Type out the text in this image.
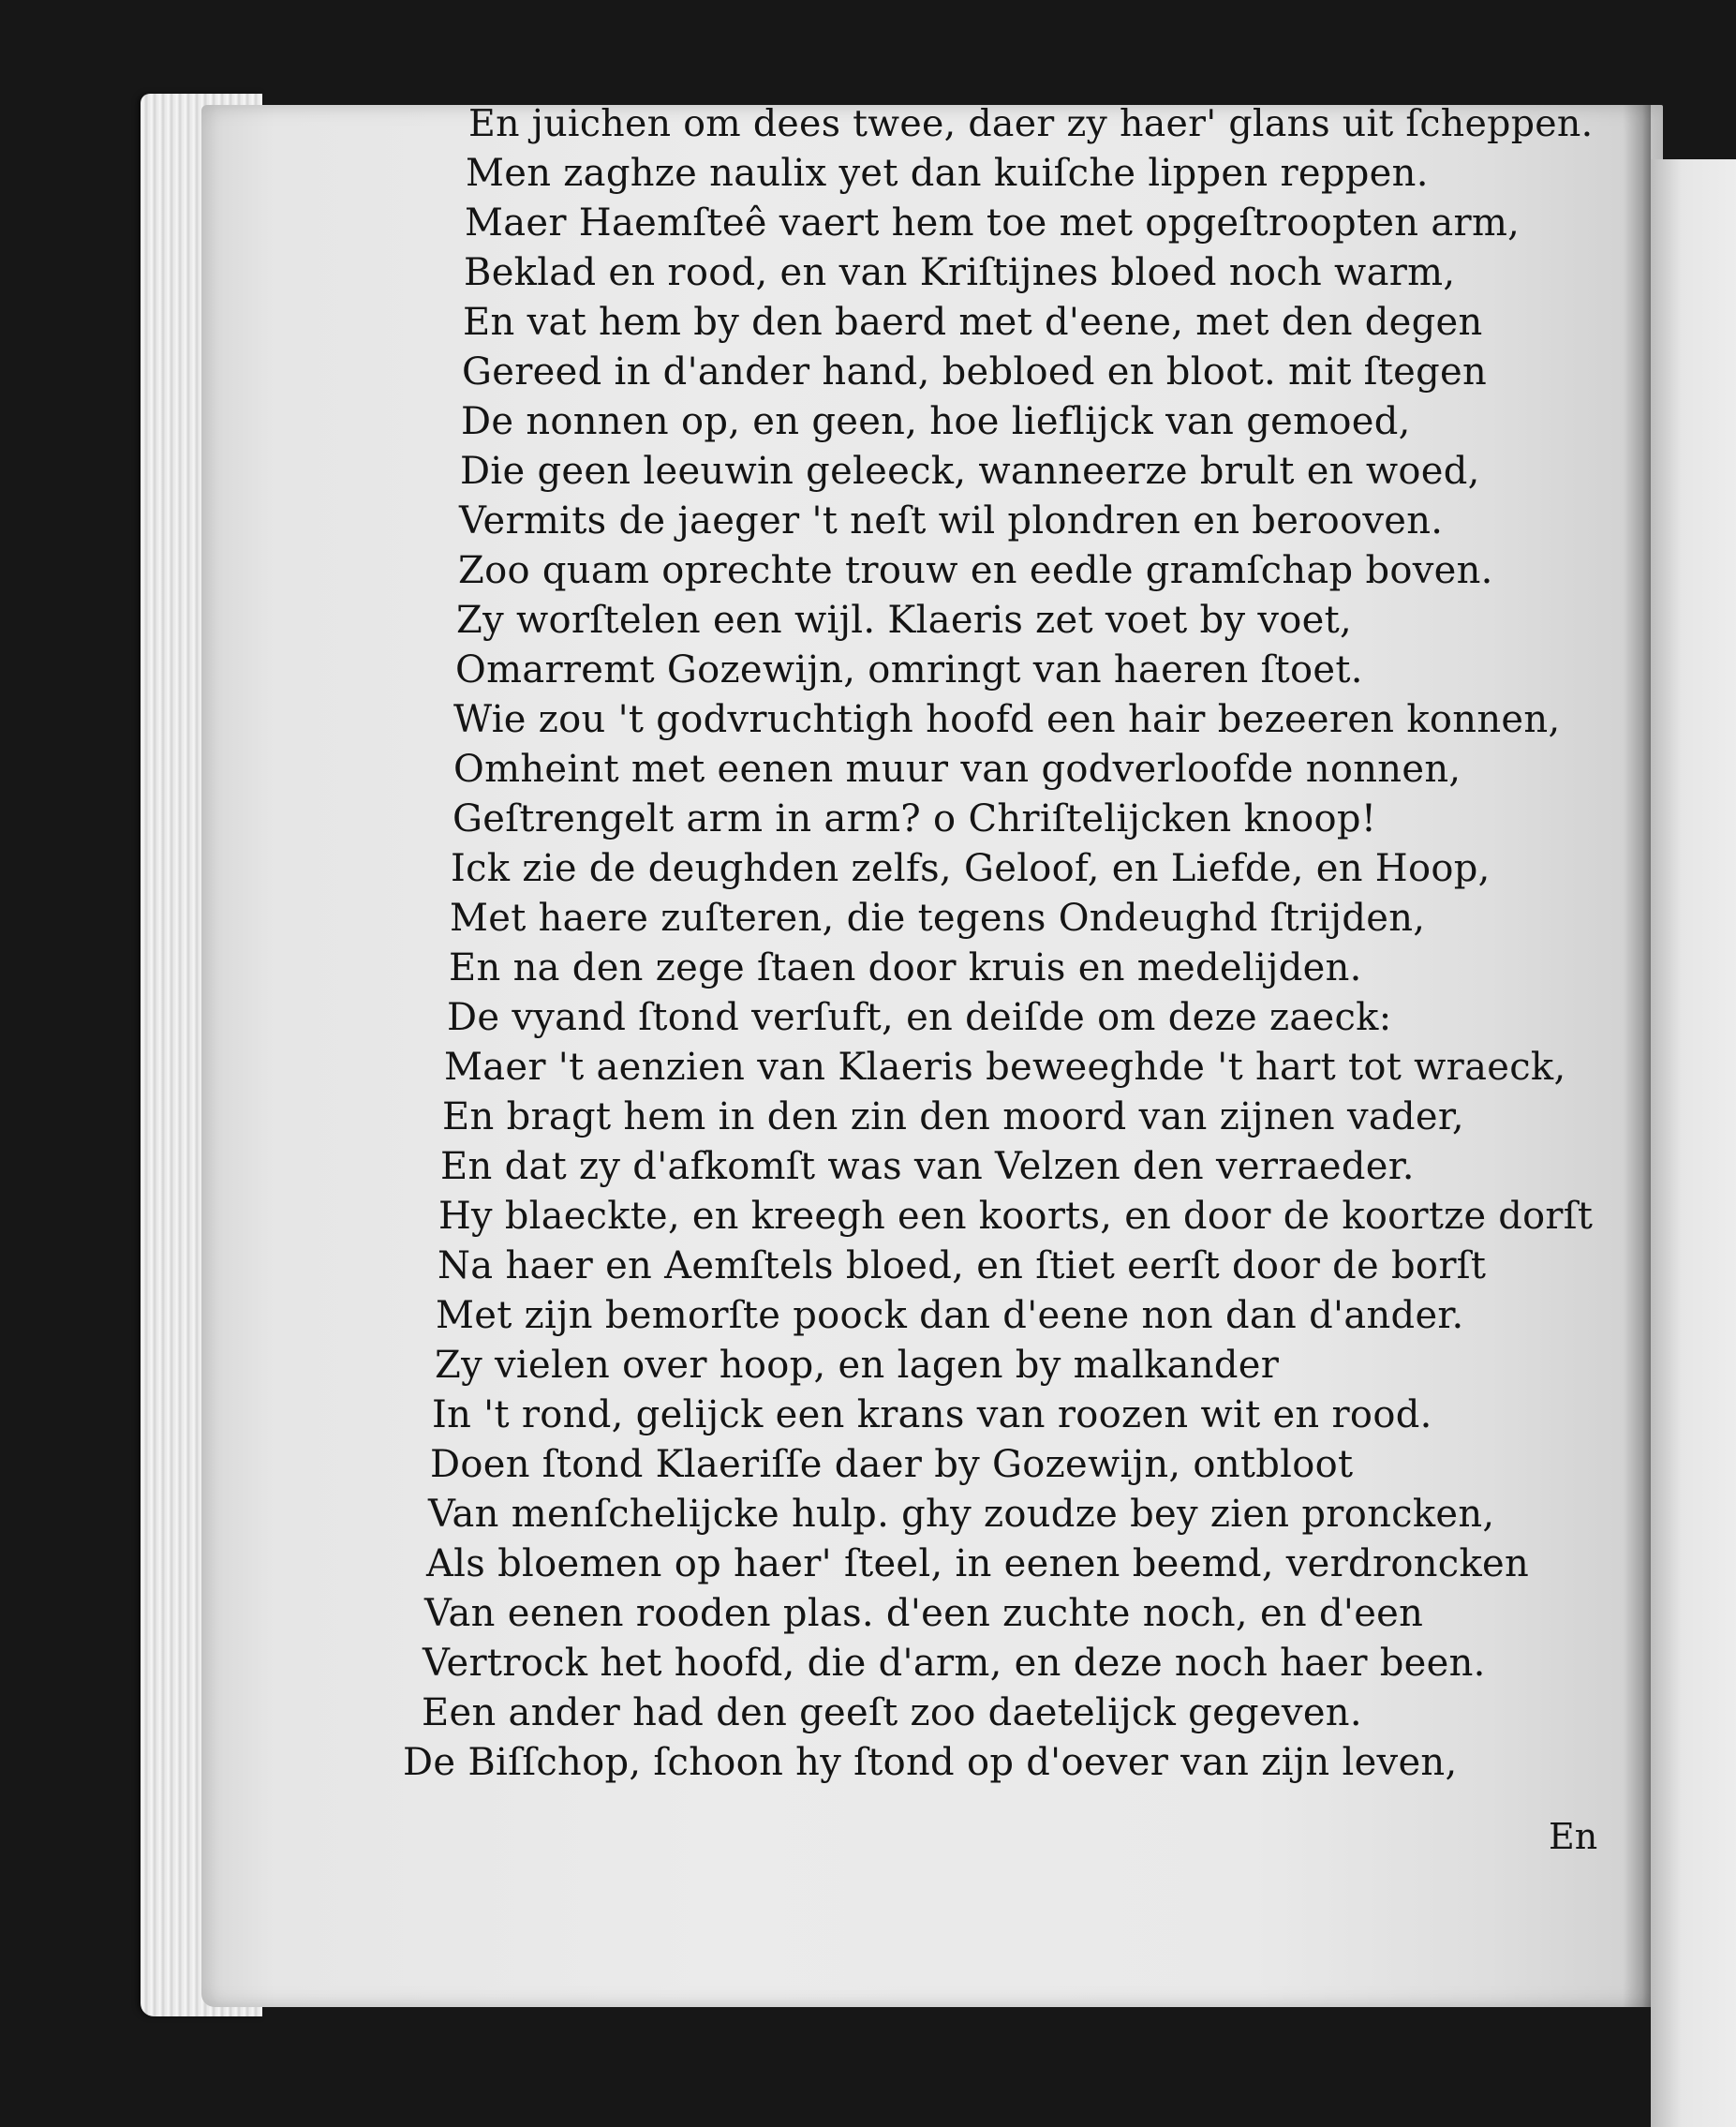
En juichen om dees twee, daer zy haer' glans uit ſcheppen.
Men zaghze naulix yet dan kuiſche lippen reppen.
Maer Haemſteê vaert hem toe met opgeſtroopten arm,
Beklad en rood, en van Kriſtijnes bloed noch warm,
En vat hem by den baerd met d'eene, met den degen
Gereed in d'ander hand, bebloed en bloot. mit ſtegen
De nonnen op, en geen, hoe lieflijck van gemoed,
Die geen leeuwin geleeck, wanneerze brult en woed,
Vermits de jaeger 't neſt wil plondren en berooven.
Zoo quam oprechte trouw en eedle gramſchap boven.
Zy worſtelen een wijl. Klaeris zet voet by voet,
Omarremt Gozewijn, omringt van haeren ſtoet.
Wie zou 't godvruchtigh hoofd een hair bezeeren konnen,
Omheint met eenen muur van godverloofde nonnen,
Geſtrengelt arm in arm? o Chriſtelijcken knoop!
Ick zie de deughden zelfs, Geloof, en Liefde, en Hoop,
Met haere zuſteren, die tegens Ondeughd ſtrijden,
En na den zege ſtaen door kruis en medelijden.
De vyand ſtond verſuft, en deiſde om deze zaeck:
Maer 't aenzien van Klaeris beweeghde 't hart tot wraeck,
En bragt hem in den zin den moord van zijnen vader,
En dat zy d'afkomſt was van Velzen den verraeder.
Hy blaeckte, en kreegh een koorts, en door de koortze dorſt
Na haer en Aemſtels bloed, en ſtiet eerſt door de borſt
Met zijn bemorſte poock dan d'eene non dan d'ander.
Zy vielen over hoop, en lagen by malkander
In 't rond, gelijck een krans van roozen wit en rood.
Doen ſtond Klaeriſſe daer by Gozewijn, ontbloot
Van menſchelijcke hulp. ghy zoudze bey zien proncken,
Als bloemen op haer' ſteel, in eenen beemd, verdroncken
Van eenen rooden plas. d'een zuchte noch, en d'een
Vertrock het hoofd, die d'arm, en deze noch haer been.
Een ander had den geeſt zoo daetelijck gegeven.
De Biſſchop, ſchoon hy ſtond op d'oever van zijn leven,
En
